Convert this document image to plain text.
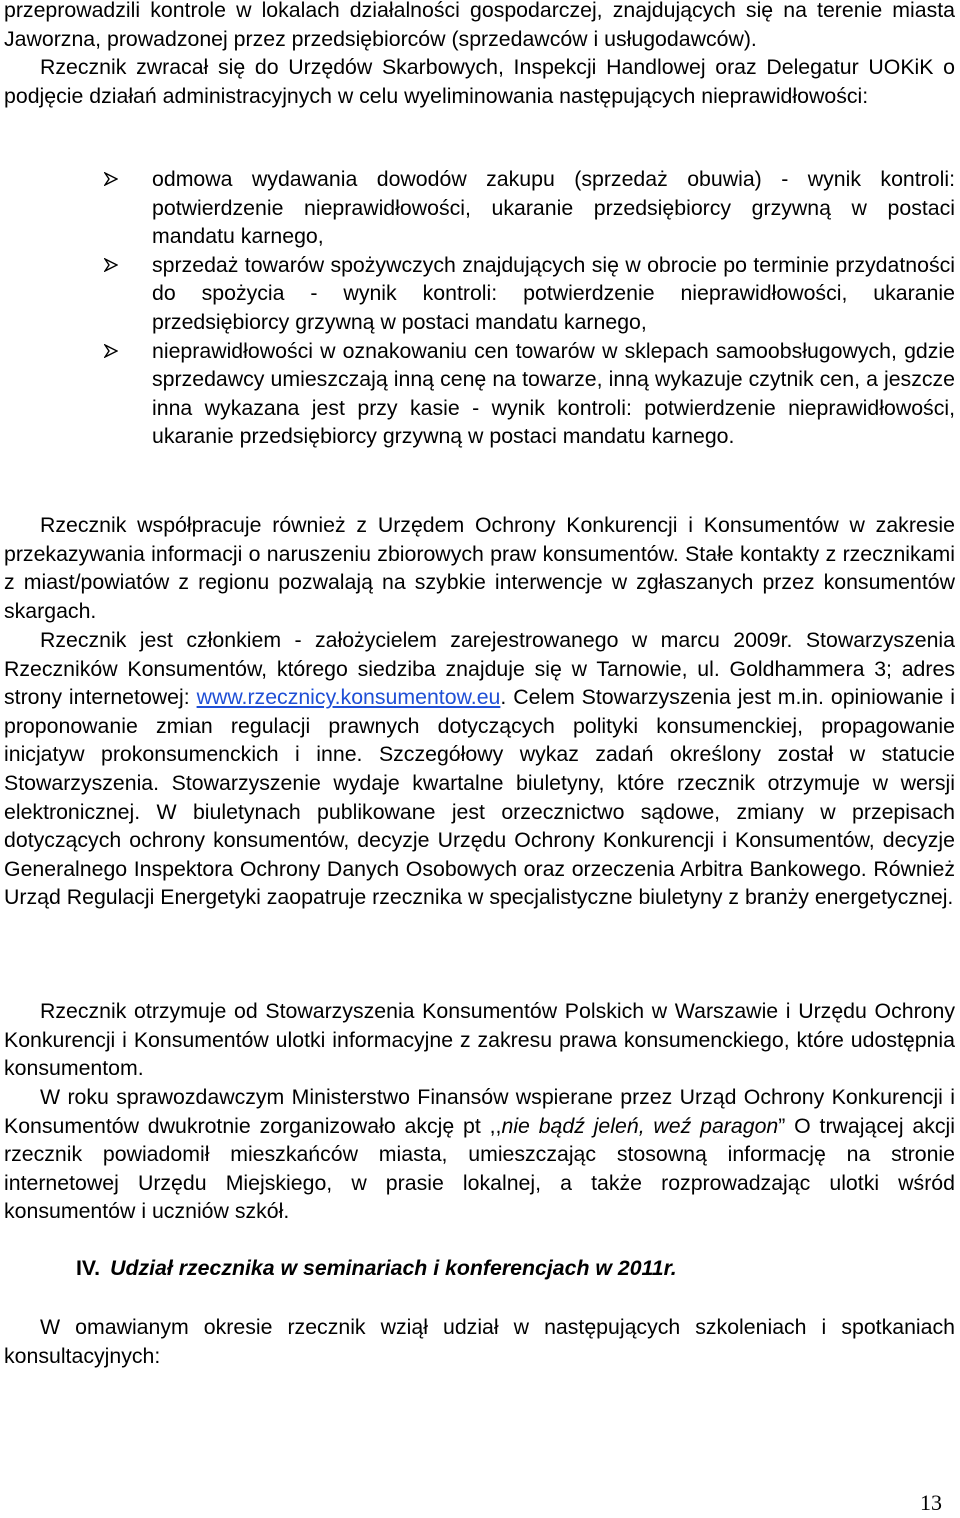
przeprowadzili kontrole w lokalach działalności gospodarczej, znajdujących się na terenie miasta Jaworzna, prowadzonej przez przedsiębiorców (sprzedawców i usługodawców).
Rzecznik zwracał się do Urzędów Skarbowych, Inspekcji Handlowej oraz Delegatur UOKiK o podjęcie działań administracyjnych w celu wyeliminowania następujących nieprawidłowości:

odmowa wydawania dowodów zakupu (sprzedaż obuwia) - wynik kontroli: potwierdzenie nieprawidłowości, ukaranie przedsiębiorcy grzywną w postaci mandatu karnego,
sprzedaż towarów spożywczych znajdujących się w obrocie po terminie przydatności do spożycia - wynik kontroli: potwierdzenie nieprawidłowości, ukaranie przedsiębiorcy grzywną w postaci mandatu karnego,
nieprawidłowości w oznakowaniu cen towarów w sklepach samoobsługowych, gdzie sprzedawcy umieszczają inną cenę na towarze, inną wykazuje czytnik cen, a jeszcze inna wykazana jest przy kasie - wynik kontroli: potwierdzenie nieprawidłowości, ukaranie przedsiębiorcy grzywną w postaci mandatu karnego.

Rzecznik współpracuje również z Urzędem Ochrony Konkurencji i Konsumentów w zakresie przekazywania informacji o naruszeniu zbiorowych praw konsumentów. Stałe kontakty z rzecznikami z miast/powiatów z regionu pozwalają na szybkie interwencje w zgłaszanych przez konsumentów skargach.

Rzecznik jest członkiem - założycielem zarejestrowanego w marcu 2009r. Stowarzyszenia Rzeczników Konsumentów, którego siedziba znajduje się w Tarnowie, ul. Goldhammera 3; adres strony internetowej: www.rzecznicy.konsumentow.eu. Celem Stowarzyszenia jest m.in. opiniowanie i proponowanie zmian regulacji prawnych dotyczących polityki konsumenckiej, propagowanie inicjatyw prokonsumenckich i inne. Szczegółowy wykaz zadań określony został w statucie Stowarzyszenia. Stowarzyszenie wydaje kwartalne biuletyny, które rzecznik otrzymuje w wersji elektronicznej. W biuletynach publikowane jest orzecznictwo sądowe, zmiany w przepisach dotyczących ochrony konsumentów, decyzje Urzędu Ochrony Konkurencji i Konsumentów, decyzje Generalnego Inspektora Ochrony Danych Osobowych oraz orzeczenia Arbitra Bankowego. Również Urząd Regulacji Energetyki zaopatruje rzecznika w specjalistyczne biuletyny z branży energetycznej.

Rzecznik otrzymuje od Stowarzyszenia Konsumentów Polskich w Warszawie i Urzędu Ochrony Konkurencji i Konsumentów ulotki informacyjne z zakresu prawa konsumenckiego, które udostępnia konsumentom.

W roku sprawozdawczym Ministerstwo Finansów wspierane przez Urząd Ochrony Konkurencji i Konsumentów dwukrotnie zorganizowało akcję pt ,,nie bądź jeleń, weź paragon” O trwającej akcji rzecznik powiadomił mieszkańców miasta, umieszczając stosowną informację na stronie internetowej Urzędu Miejskiego, w prasie lokalnej, a także rozprowadzając ulotki wśród konsumentów i uczniów szkół.

IV. Udział rzecznika w seminariach i konferencjach w 2011r.

W omawianym okresie rzecznik wziął udział w następujących szkoleniach i spotkaniach konsultacyjnych:

13
